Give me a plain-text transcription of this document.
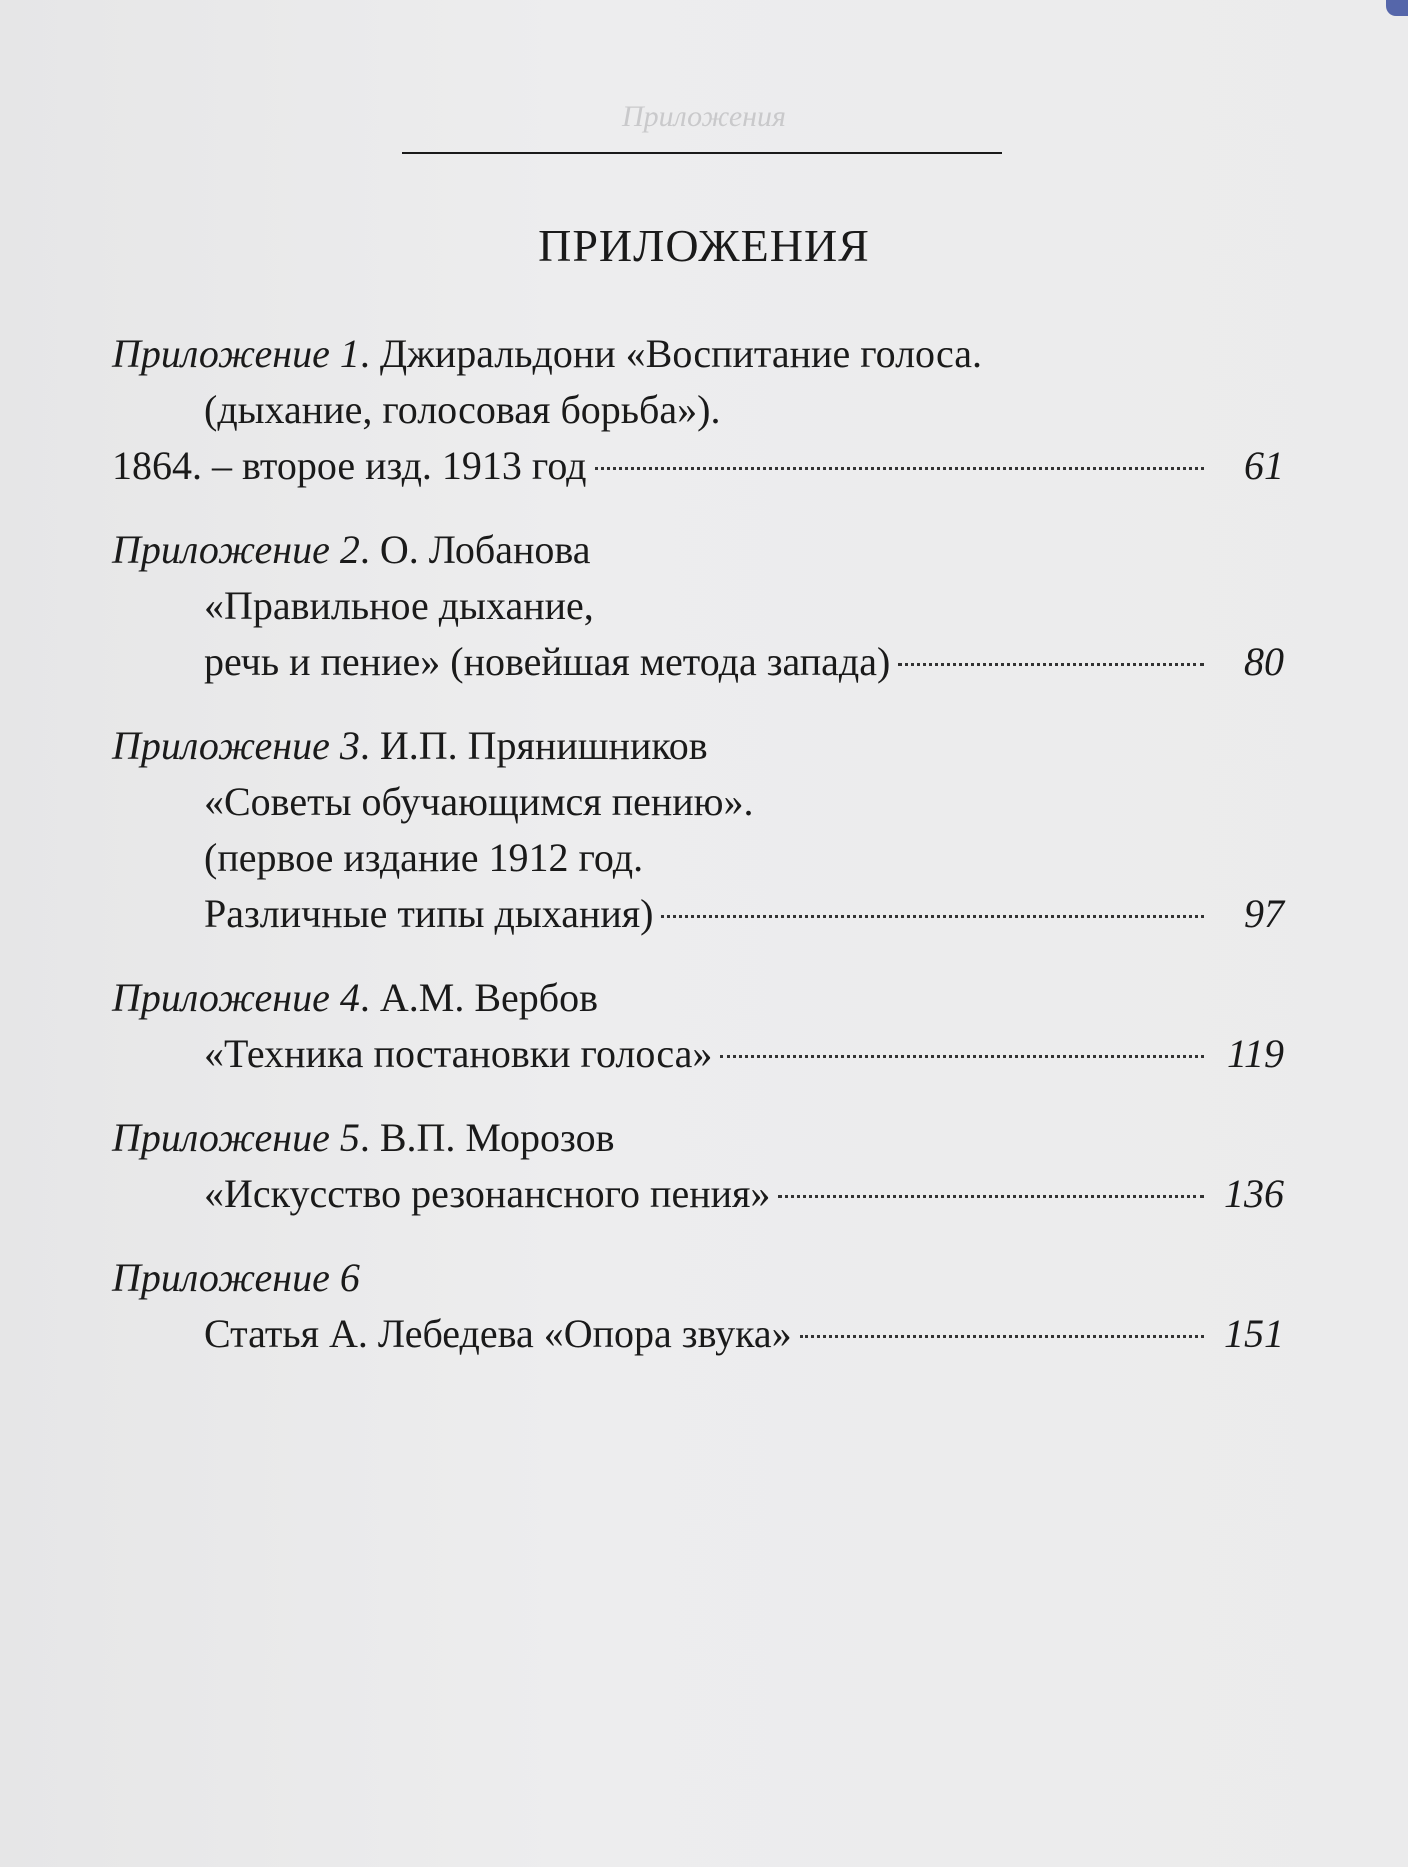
Приложения
ПРИЛОЖЕНИЯ
Приложение 1 . Джиральдони «Воспитание голоса.
(дыхание, голосовая борьба»).
1864. – второе изд. 1913 год	61
Приложение 2 . О. Лобанова
«Правильное дыхание,
речь и пение» (новейшая метода запада)	80
Приложение 3 . И.П. Прянишников
«Советы обучающимся пению».
(первое издание 1912 год.
Различные типы дыхания)	97
Приложение 4 . А.М. Вербов
«Техника постановки голоса»	119
Приложение 5 . В.П. Морозов
«Искусство резонансного пения»	136
Приложение 6
Статья А. Лебедева «Опора звука»	151
